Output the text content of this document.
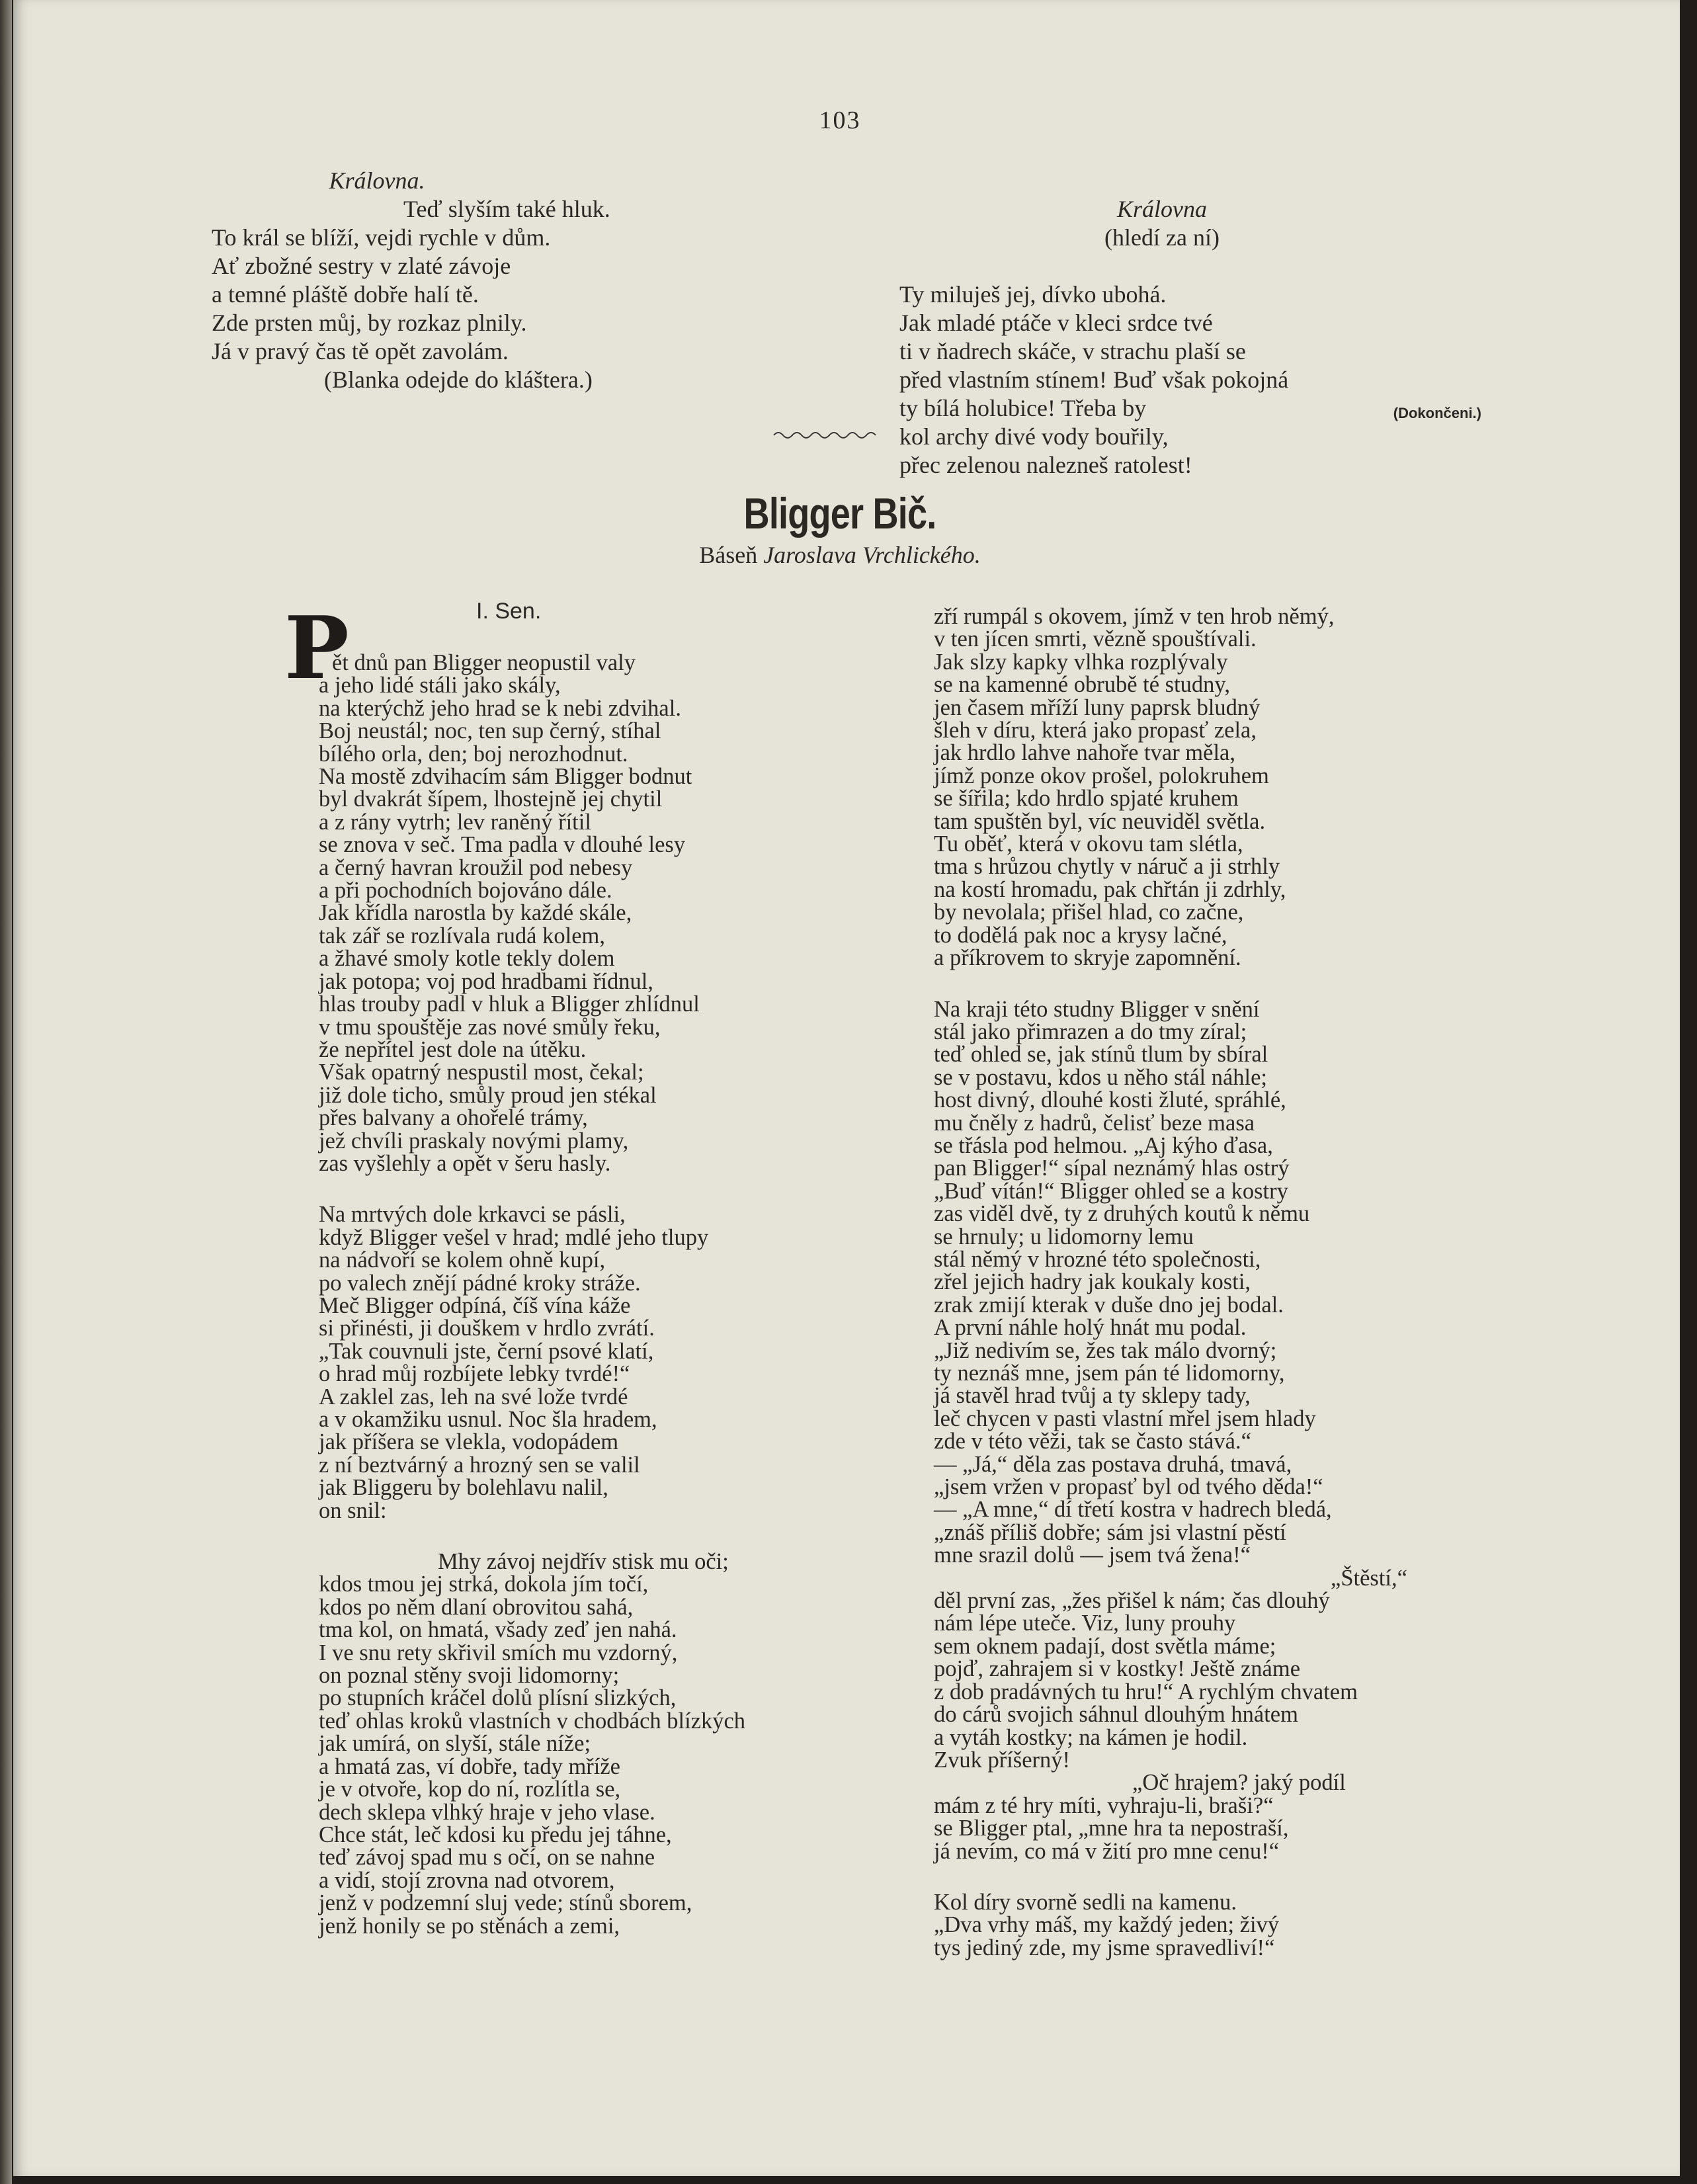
103
Královna.
Teď slyším také hluk.
To král se blíží, vejdi rychle v dům.
Ať zbožné sestry v zlaté závoje
a temné pláště dobře halí tě.
Zde prsten můj, by rozkaz plnily.
Já v pravý čas tě opět zavolám.
(Blanka odejde do kláštera.)

Královna
(hledí za ní)

Ty miluješ jej, dívko ubohá.
Jak mladé ptáče v kleci srdce tvé
ti v ňadrech skáče, v strachu plaší se
před vlastním stínem! Buď však pokojná
ty bílá holubice! Třeba by
kol archy divé vody bouřily,
přec zelenou nalezneš ratolest!
(Dokončeni.)
Bligger Bič.
Báseň Jaroslava Vrchlického.
I. Sen.
P
ět dnů pan Bligger neopustil valy
a jeho lidé stáli jako skály,
na kterýchž jeho hrad se k nebi zdvihal.
Boj neustál; noc, ten sup černý, stíhal
bílého orla, den; boj nerozhodnut.
Na mostě zdvihacím sám Bligger bodnut
byl dvakrát šípem, lhostejně jej chytil
a z rány vytrh; lev raněný řítil
se znova v seč. Tma padla v dlouhé lesy
a černý havran kroužil pod nebesy
a při pochodních bojováno dále.
Jak křídla narostla by každé skále,
tak zář se rozlívala rudá kolem,
a žhavé smoly kotle tekly dolem
jak potopa; voj pod hradbami řídnul,
hlas trouby padl v hluk a Bligger zhlídnul
v tmu spouštěje zas nové smůly řeku,
že nepřítel jest dole na útěku.
Však opatrný nespustil most, čekal;
již dole ticho, smůly proud jen stékal
přes balvany a ohořelé trámy,
jež chvíli praskaly novými plamy,
zas vyšlehly a opět v šeru hasly.
Na mrtvých dole krkavci se pásli,
když Bligger vešel v hrad; mdlé jeho tlupy
na nádvoří se kolem ohně kupí,
po valech znějí pádné kroky stráže.
Meč Bligger odpíná, číš vína káže
si přinésti, ji douškem v hrdlo zvrátí.
„Tak couvnuli jste, černí psové klatí,
o hrad můj rozbíjete lebky tvrdé!“
A zaklel zas, leh na své lože tvrdé
a v okamžiku usnul. Noc šla hradem,
jak příšera se vlekla, vodopádem
z ní beztvárný a hrozný sen se valil
jak Bliggeru by bolehlavu nalil,
on snil:
Mhy závoj nejdřív stisk mu oči;
kdos tmou jej strká, dokola jím točí,
kdos po něm dlaní obrovitou sahá,
tma kol, on hmatá, všady zeď jen nahá.
I ve snu rety skřivil smích mu vzdorný,
on poznal stěny svoji lidomorny;
po stupních kráčel dolů plísní slizkých,
teď ohlas kroků vlastních v chodbách blízkých
jak umírá, on slyší, stále níže;
a hmatá zas, ví dobře, tady mříže
je v otvoře, kop do ní, rozlítla se,
dech sklepa vlhký hraje v jeho vlase.
Chce stát, leč kdosi ku předu jej táhne,
teď závoj spad mu s očí, on se nahne
a vidí, stojí zrovna nad otvorem,
jenž v podzemní sluj vede; stínů sborem,
jenž honily se po stěnách a zemi,
zří rumpál s okovem, jímž v ten hrob němý,
v ten jícen smrti, vězně spouštívali.
Jak slzy kapky vlhka rozplývaly
se na kamenné obrubě té studny,
jen časem mříží luny paprsk bludný
šleh v díru, která jako propasť zela,
jak hrdlo lahve nahoře tvar měla,
jímž ponze okov prošel, polokruhem
se šířila; kdo hrdlo spjaté kruhem
tam spuštěn byl, víc neuviděl světla.
Tu oběť, která v okovu tam slétla,
tma s hrůzou chytly v náruč a ji strhly
na kostí hromadu, pak chřtán ji zdrhly,
by nevolala; přišel hlad, co začne,
to dodělá pak noc a krysy lačné,
a příkrovem to skryje zapomnění.
Na kraji této studny Bligger v snění
stál jako přimrazen a do tmy zíral;
teď ohled se, jak stínů tlum by sbíral
se v postavu, kdos u něho stál náhle;
host divný, dlouhé kosti žluté, spráhlé,
mu čněly z hadrů, čelisť beze masa
se třásla pod helmou. „Aj kýho ďasa,
pan Bligger!“ sípal neznámý hlas ostrý
„Buď vítán!“ Bligger ohled se a kostry
zas viděl dvě, ty z druhých koutů k němu
se hrnuly; u lidomorny lemu
stál němý v hrozné této společnosti,
zřel jejich hadry jak koukaly kosti,
zrak zmijí kterak v duše dno jej bodal.
A první náhle holý hnát mu podal.
„Již nedivím se, žes tak málo dvorný;
ty neznáš mne, jsem pán té lidomorny,
já stavěl hrad tvůj a ty sklepy tady,
leč chycen v pasti vlastní mřel jsem hlady
zde v této věži, tak se často stává.“
— „Já,“ děla zas postava druhá, tmavá,
„jsem vržen v propasť byl od tvého děda!“
— „A mne,“ dí třetí kostra v hadrech bledá,
„znáš příliš dobře; sám jsi vlastní pěstí
mne srazil dolů — jsem tvá žena!“
„Štěstí,“
děl první zas, „žes přišel k nám; čas dlouhý
nám lépe uteče. Viz, luny prouhy
sem oknem padají, dost světla máme;
pojď, zahrajem si v kostky! Ještě známe
z dob pradávných tu hru!“ A rychlým chvatem
do cárů svojich sáhnul dlouhým hnátem
a vytáh kostky; na kámen je hodil.
Zvuk příšerný!
„Oč hrajem? jaký podíl
mám z té hry míti, vyhraju-li, braši?“
se Bligger ptal, „mne hra ta nepostraší,
já nevím, co má v žití pro mne cenu!“
Kol díry svorně sedli na kamenu.
„Dva vrhy máš, my každý jeden; živý
tys jediný zde, my jsme spravedliví!“
